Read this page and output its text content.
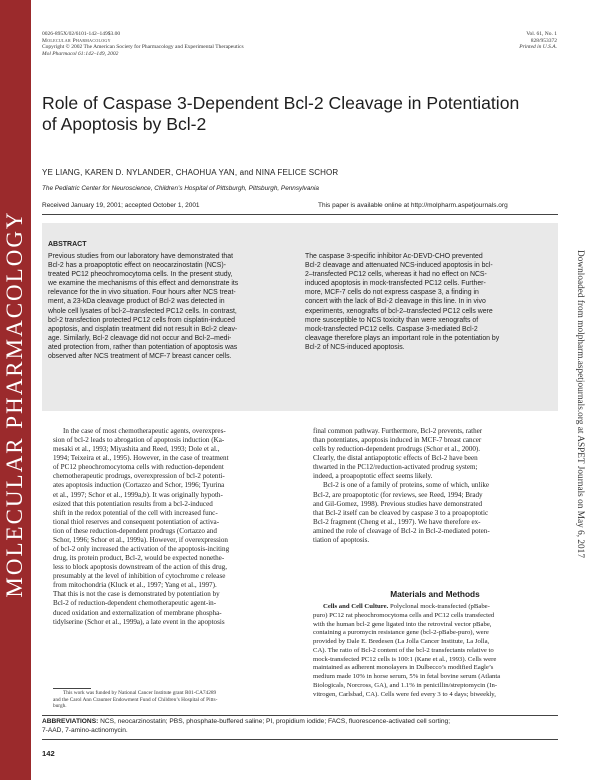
MOLECULAR PHARMACOLOGY	Downloaded from molpharm.aspetjournals.org at ASPET Journals on May 6, 2017
0026-895X/02/6101-142–149$3.00
Molecular Pharmacology
Copyright © 2002 The American Society for Pharmacology and Experimental Therapeutics
Mol Pharmacol 61:142–149, 2002
Vol. 61, No. 1
828/953372
Printed in U.S.A.
Role of Caspase 3-Dependent Bcl-2 Cleavage in Potentiation
of Apoptosis by Bcl-2
YE LIANG, KAREN D. NYLANDER, CHAOHUA YAN, and NINA FELICE SCHOR
The Pediatric Center for Neuroscience, Children’s Hospital of Pittsburgh, Pittsburgh, Pennsylvania
Received January 19, 2001; accepted October 1, 2001	This paper is available online at http://molpharm.aspetjournals.org
ABSTRACT
Previous studies from our laboratory have demonstrated that
Bcl-2 has a proapoptotic effect on neocarzinostatin (NCS)-
treated PC12 pheochromocytoma cells. In the present study,
we examine the mechanisms of this effect and demonstrate its
relevance for the in vivo situation. Four hours after NCS treat-
ment, a 23-kDa cleavage product of Bcl-2 was detected in
whole cell lysates of bcl-2–transfected PC12 cells. In contrast,
bcl-2 transfection protected PC12 cells from cisplatin-induced
apoptosis, and cisplatin treatment did not result in Bcl-2 cleav-
age. Similarly, Bcl-2 cleavage did not occur and Bcl-2–medi-
ated protection from, rather than potentiation of apoptosis was
observed after NCS treatment of MCF-7 breast cancer cells.
The caspase 3-specific inhibitor Ac-DEVD-CHO prevented
Bcl-2 cleavage and attenuated NCS-induced apoptosis in bcl-
2–transfected PC12 cells, whereas it had no effect on NCS-
induced apoptosis in mock-transfected PC12 cells. Further-
more, MCF-7 cells do not express caspase 3, a finding in
concert with the lack of Bcl-2 cleavage in this line. In in vivo
experiments, xenografts of bcl-2–transfected PC12 cells were
more susceptible to NCS toxicity than were xenografts of
mock-transfected PC12 cells. Caspase 3-mediated Bcl-2
cleavage therefore plays an important role in the potentiation by
Bcl-2 of NCS-induced apoptosis.
In the case of most chemotherapeutic agents, overexpres-
sion of bcl-2 leads to abrogation of apoptosis induction (Ka-
mesaki et al., 1993; Miyashita and Reed, 1993; Dole et al.,
1994; Teixeira et al., 1995). However, in the case of treatment
of PC12 pheochromocytoma cells with reduction-dependent
chemotherapeutic prodrugs, overexpression of bcl-2 potenti-
ates apoptosis induction (Cortazzo and Schor, 1996; Tyurina
et al., 1997; Schor et al., 1999a,b). It was originally hypoth-
esized that this potentiation results from a bcl-2-induced
shift in the redox potential of the cell with increased func-
tional thiol reserves and consequent potentiation of activa-
tion of these reduction-dependent prodrugs (Cortazzo and
Schor, 1996; Schor et al., 1999a). However, if overexpression
of bcl-2 only increased the activation of the apoptosis-inciting
drug, its protein product, Bcl-2, would be expected nonethe-
less to block apoptosis downstream of the action of this drug,
presumably at the level of inhibition of cytochrome c release
from mitochondria (Kluck et al., 1997; Yang et al., 1997).
That this is not the case is demonstrated by potentiation by
Bcl-2 of reduction-dependent chemotherapeutic agent-in-
duced oxidation and externalization of membrane phospha-
tidylserine (Schor et al., 1999a), a late event in the apoptosis
final common pathway. Furthermore, Bcl-2 prevents, rather
than potentiates, apoptosis induced in MCF-7 breast cancer
cells by reduction-dependent prodrugs (Schor et al., 2000).
Clearly, the distal antiapoptotic effects of Bcl-2 have been
thwarted in the PC12/reduction-activated prodrug system;
indeed, a proapoptotic effect seems likely.
Bcl-2 is one of a family of proteins, some of which, unlike
Bcl-2, are proapoptotic (for reviews, see Reed, 1994; Brady
and Gil-Gomez, 1998). Previous studies have demonstrated
that Bcl-2 itself can be cleaved by caspase 3 to a proapoptotic
Bcl-2 fragment (Cheng et al., 1997). We have therefore ex-
amined the role of cleavage of Bcl-2 in Bcl-2-mediated poten-
tiation of apoptosis.
Materials and Methods
Cells and Cell Culture. Polyclonal mock-transfected (pBabe-
puro) PC12 rat pheochromocytoma cells and PC12 cells transfected
with the human bcl-2 gene ligated into the retroviral vector pBabe,
containing a puromycin resistance gene (bcl-2-pBabe-puro), were
provided by Dale E. Bredesen (La Jolla Cancer Institute, La Jolla,
CA). The ratio of Bcl-2 content of the bcl-2 transfectants relative to
mock-transfected PC12 cells is 100:1 (Kane et al., 1993). Cells were
maintained as adherent monolayers in Dulbecco’s modified Eagle’s
medium made 10% in horse serum, 5% in fetal bovine serum (Atlanta
Biologicals, Norcross, GA), and 1.1% in penicillin/streptomycin (In-
vitrogen, Carlsbad, CA). Cells were fed every 3 to 4 days; biweekly,
This work was funded by National Cancer Institute grant R01-CA74289
and the Carol Ann Craumer Endowment Fund of Children’s Hospital of Pitts-
burgh.
ABBREVIATIONS: NCS, neocarzinostatin; PBS, phosphate-buffered saline; PI, propidium iodide; FACS, fluorescence-activated cell sorting;
7-AAD, 7-amino-actinomycin.
142
